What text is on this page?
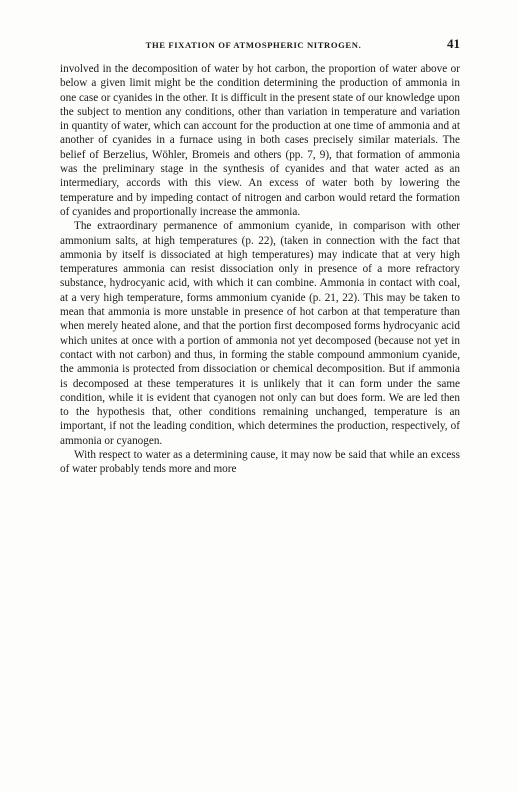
THE FIXATION OF ATMOSPHERIC NITROGEN.	41

involved in the decomposition of water by hot carbon, the proportion of water above or below a given limit might be the condition determining the production of ammonia in one case or cyanides in the other. It is difficult in the present state of our knowledge upon the subject to mention any conditions, other than variation in temperature and variation in quantity of water, which can account for the production at one time of ammonia and at another of cyanides in a furnace using in both cases precisely similar materials. The belief of Berzelius, Wöhler, Bromeis and others (pp. 7, 9), that formation of ammonia was the preliminary stage in the synthesis of cyanides and that water acted as an intermediary, accords with this view. An excess of water both by lowering the temperature and by impeding contact of nitrogen and carbon would retard the formation of cyanides and proportionally increase the ammonia.

The extraordinary permanence of ammonium cyanide, in comparison with other ammonium salts, at high temperatures (p. 22), (taken in connection with the fact that ammonia by itself is dissociated at high temperatures) may indicate that at very high temperatures ammonia can resist dissociation only in presence of a more refractory substance, hydrocyanic acid, with which it can combine. Ammonia in contact with coal, at a very high temperature, forms ammonium cyanide (p. 21, 22). This may be taken to mean that ammonia is more unstable in presence of hot carbon at that temperature than when merely heated alone, and that the portion first decomposed forms hydrocyanic acid which unites at once with a portion of ammonia not yet decomposed (because not yet in contact with not carbon) and thus, in forming the stable compound ammonium cyanide, the ammonia is protected from dissociation or chemical decomposition. But if ammonia is decomposed at these temperatures it is unlikely that it can form under the same condition, while it is evident that cyanogen not only can but does form. We are led then to the hypothesis that, other conditions remaining unchanged, temperature is an important, if not the leading condition, which determines the production, respectively, of ammonia or cyanogen.

With respect to water as a determining cause, it may now be said that while an excess of water probably tends more and more
